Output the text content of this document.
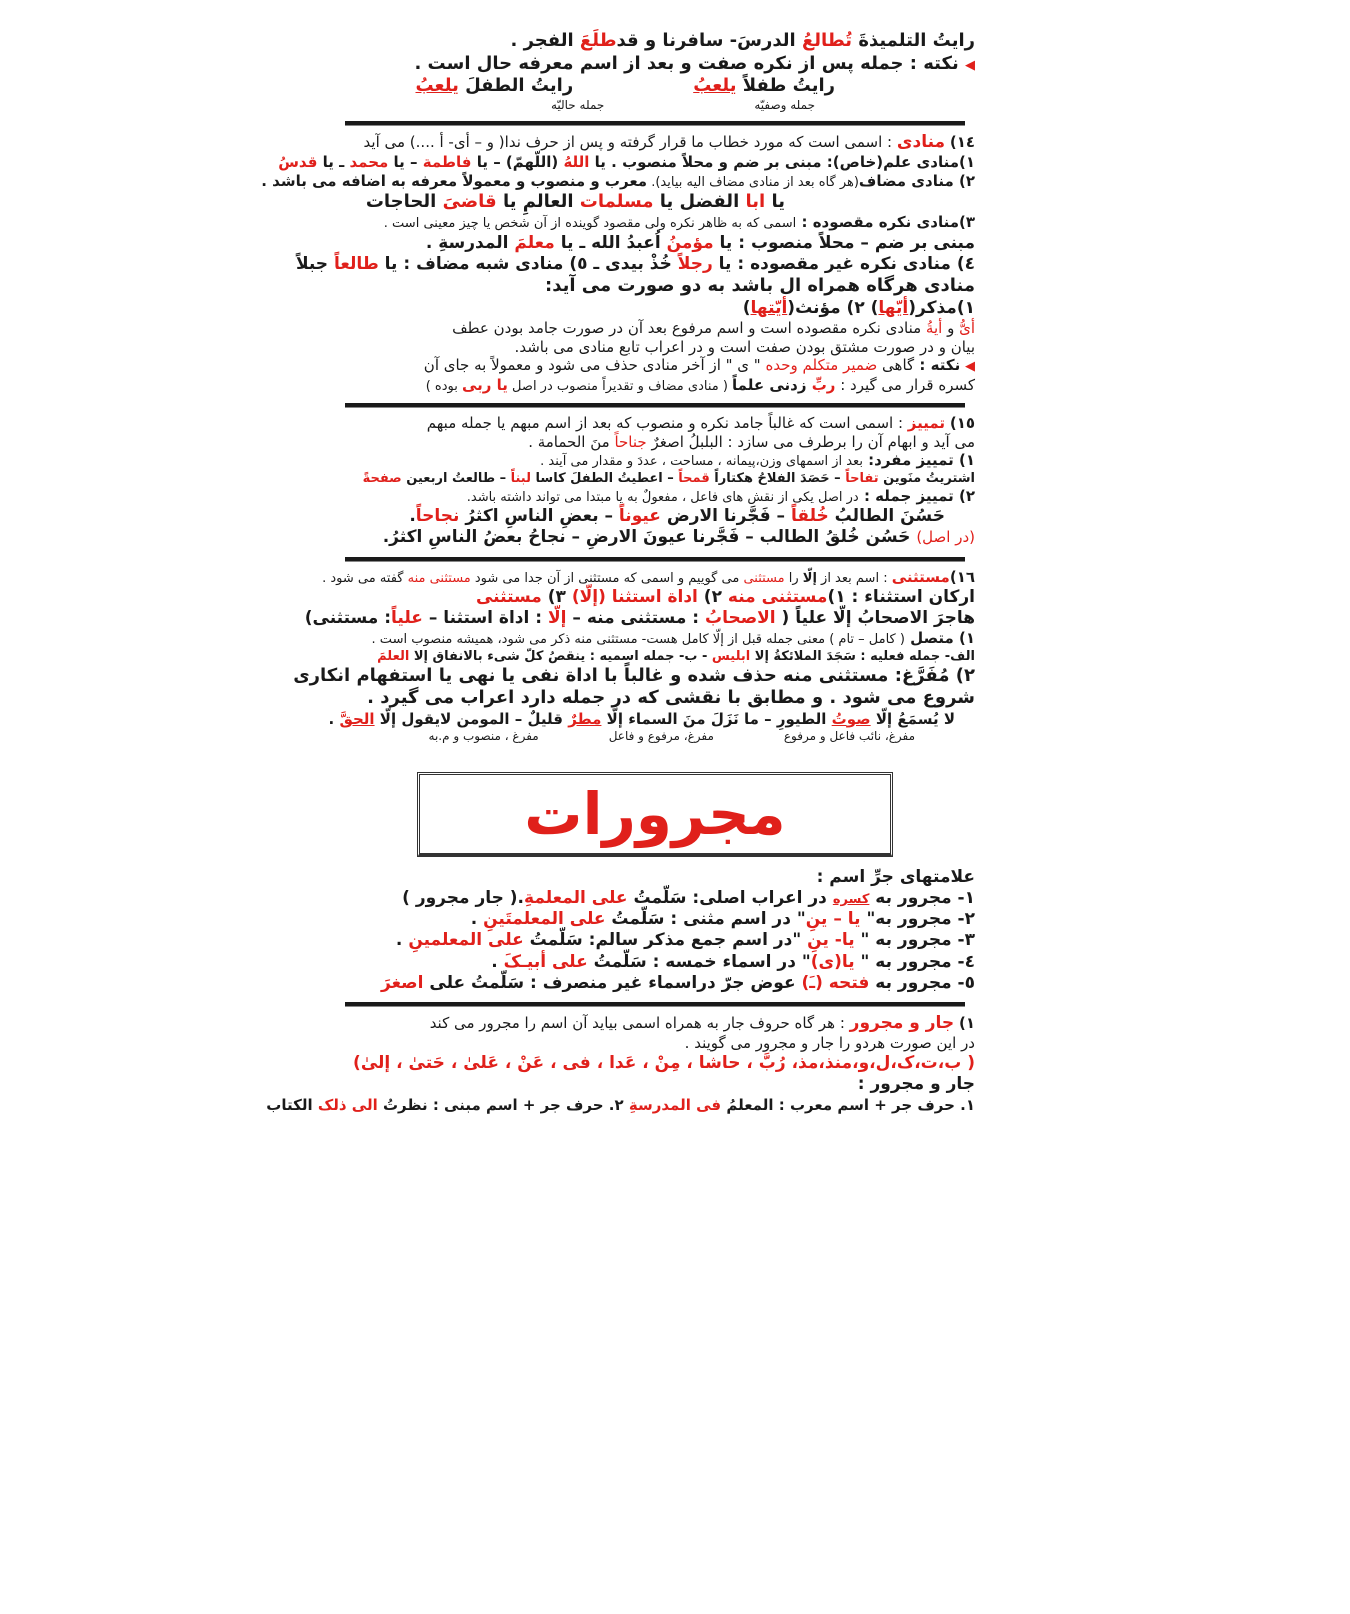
رایتُ التلمیذةَ تُطالعُ الدرسَ- سافرنا و قدطلَعَ الفجر .
◀ نکته : جمله پس از نکره صفت و بعد از اسم معرفه حال است .
رایتُ طفلاً یلعبُ
رایتُ الطفلَ یلعبُ
جمله وصفیّه
جمله حالیّه
١٤) منادی : اسمی است که مورد خطاب ما قرار گرفته و پس از حرف ندا( و – أی- أ ....) می آید
١)منادی علم(خاص): مبنی بر ضم و محلاً منصوب . یا اللهُ (اللّهمّ) – یا فاطمة – یا محمد ـ یا قدسُ
٢) منادی مضاف(هر گاه بعد از منادی مضاف الیه بیاید). معرب و منصوب و معمولاً معرفه به اضافه می باشد .
یا ابا الفضل یا مسلمات العالمِ یا قاضیَ الحاجات
٣)منادی نکره مقصوده : اسمی که به ظاهر نکره ولی مقصود گوینده از آن شخص یا چیز معینی است .
مبنی بر ضم – محلاً منصوب : یا مؤمنُ اُعبدُ الله ـ یا معلمَ المدرسةِ .
٤) منادی نکره غیر مقصوده : یا رجلاً خُذْ بیدی ـ ٥) منادی شبه مضاف : یا طالعاً جبلاً
منادی هرگاه همراه ال باشد به دو صورت می آید:
١)مذکر(أیّها) ٢) مؤنث(أیّتها)
أیُّ و أیةُ منادی نکره مقصوده است و اسم مرفوع بعد آن در صورت جامد بودن عطف
بیان و در صورت مشتق بودن صفت است و در اعراب تابع منادی می باشد.
◀ نکته : گاهی ضمیر متکلم وحده " ی " از آخر منادی حذف می شود و معمولاً به جای آن
کسره قرار می گیرد : ربِّ زدنی علماً ( منادی مضاف و تقدیراً منصوب در اصل یا ربی بوده )
١٥) تمییز : اسمی است که غالباً جامد نکره و منصوب که بعد از اسم مبهم یا جمله مبهم
می آید و ابهام آن را برطرف می سازد : البلبلُ اصغرٌ جناحاً منَ الحمامة .
١) تمییز مفرد: بعد از اسمهای وزن،پیمانه ، مساحت ، عددَ و مقدار می آیند .
اشتریتُ منَوین تفاحاً – حَصَدَ الفلاحُ هکتاراً قمحاً – اعطیتُ الطفلَ کاسا لبناً – طالعتُ اربعین صفحةً
٢) تمییز جمله : در اصل یکی از نقش های فاعل ، مفعولٌ به یا مبتدا می تواند داشته باشد.
حَسُنَ الطالبُ خُلقاً – فَجَّرنا الارض عیوناً – بعضِ الناسِ اکثرُ نجاحاً.
(در اصل) حَسُن خُلقُ الطالب – فَجَّرنا عیونَ الارضِ – نجاحُ بعضُ الناسِ اکثرُ.
١٦)مستثنی : اسم بعد از إلّا را مستثنی می گوییم و اسمی که مستثنی از آن جدا می شود مستثنی منه گفته می شود .
ارکان استثناء : ١)مستثنی منه ٢) اداة استثنا (إلّا) ٣) مستثنی
هاجرَ الاصحابُ إلّا علیاً ( الاصحابُ : مستثنی منه – إلّا : اداة استثنا – علیاً: مستثنی)
١) متصل ( کامل – تام ) معنی جمله قبل از إلّا کامل هست- مستثنی منه ذکر می شود، همیشه منصوب است .
الف- جمله فعلیه : سَجَدَ الملائکةُ إلا ابلیس - ب- جمله اسمیه : ینقصُ کلّ شیء بالانفاق إلا العلمَ
٢) مُفَرَّغ: مستثنی منه حذف شده و غالباً با اداة نفی یا نهی یا استفهام انکاری
شروع می شود . و مطابق با نقشی که در جمله دارد اعراب می گیرد .
لا یُسمَعُ إلّا صوتُ الطیورِ – ما نَزَلَ منَ السماء إلّا مطرٌ قلیلٌ – المومن لایقول إلّا الحقَّ .
مفرغ، نائب فاعل و مرفوع
مفرغ، مرفوع و فاعل
مفرغ ، منصوب و م.به
مجرورات
علامتهای جرِّ اسم :
١- مجرور به کسره در اعراب اصلی: سَلّمتُ علی المعلمةِ.( جار مجرور )
٢- مجرور به" یا – ینِ" در اسم مثنی : سَلّمتُ علی المعلمتَینِ .
٣- مجرور به " یا- ینِ "در اسم جمع مذکر سالم: سَلّمتُ علی المعلمینِ .
٤- مجرور به " یا(ی)" در اسماء خمسه : سَلّمتُ علی أبیـکَ .
٥- مجرور به فتحه (ـَ) عوض جرّ دراسماء غیر منصرف : سَلّمتُ علی اصغرَ
١) جار و مجرور : هر گاه حروف جار به همراه اسمی بیاید آن اسم را مجرور می کند
در این صورت هردو را جار و مجرور می گویند .
( ب،ت،ک،ل،و،منذ،مذ، رُبَّ ، حاشا ، مِنْ ، عَدا ، فی ، عَنْ ، عَلیٰ ، حَتیٰ ، إلیٰ)
جار و مجرور :
١. حرف جر + اسم معرب : المعلمُ فی المدرسةِ ٢. حرف جر + اسم مبنی : نظرتُ الی ذلک الکتاب
